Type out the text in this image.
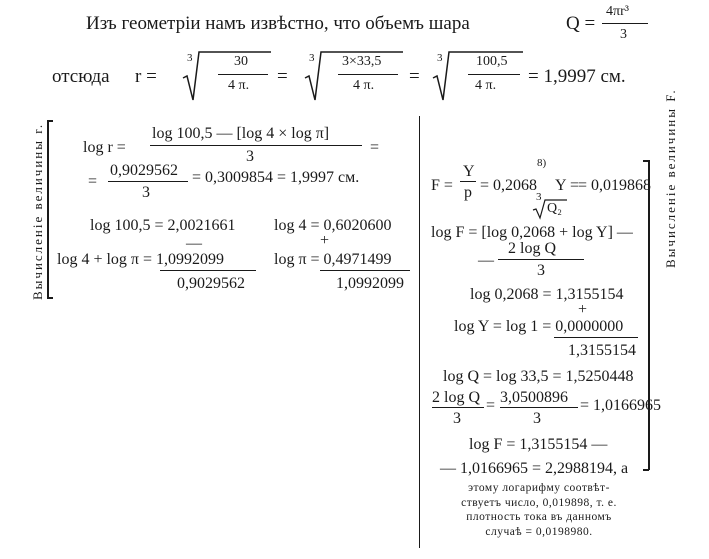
Изъ геометріи намъ извѣстно, что объемъ шара	Q =
4πr³
3
отсюда r =
3	30
4 π. =
3 3×33,5
4 π. =
3 100,5
4 π. = 1,9997 см.
Вычисленіе величины r. log r =
log 100,5 — [log 4 × log π]
3
=
=
0,9029562
3
= 0,3009854 = 1,9997 см.
log 100,5 = 2,0021661
—
log 4 + log π = 1,0992099
0,9029562
log 4 = 0,6020600
+
log π = 0,4971499
1,0992099
Вычисленіе величины F.
8)
F =
Y
p = 0,2068 Y =
3
Q₂
= 0,019868
log F = [log 0,2068 + log Y] —
—
2 log Q
3
log 0,2068 = 1,3155154
+
log Y = log 1 = 0,0000000
1,3155154
log Q = log 33,5 = 1,5250448
2 log Q
3
= 3,0500896
3
= 1,0166965
log F = 1,3155154 —
— 1,0166965 = 2,2988194, а
этому логарифму соотвѣт-
ствуетъ число, 0,019898, т. е.
плотность тока въ данномъ
случаѣ = 0,0198980.
